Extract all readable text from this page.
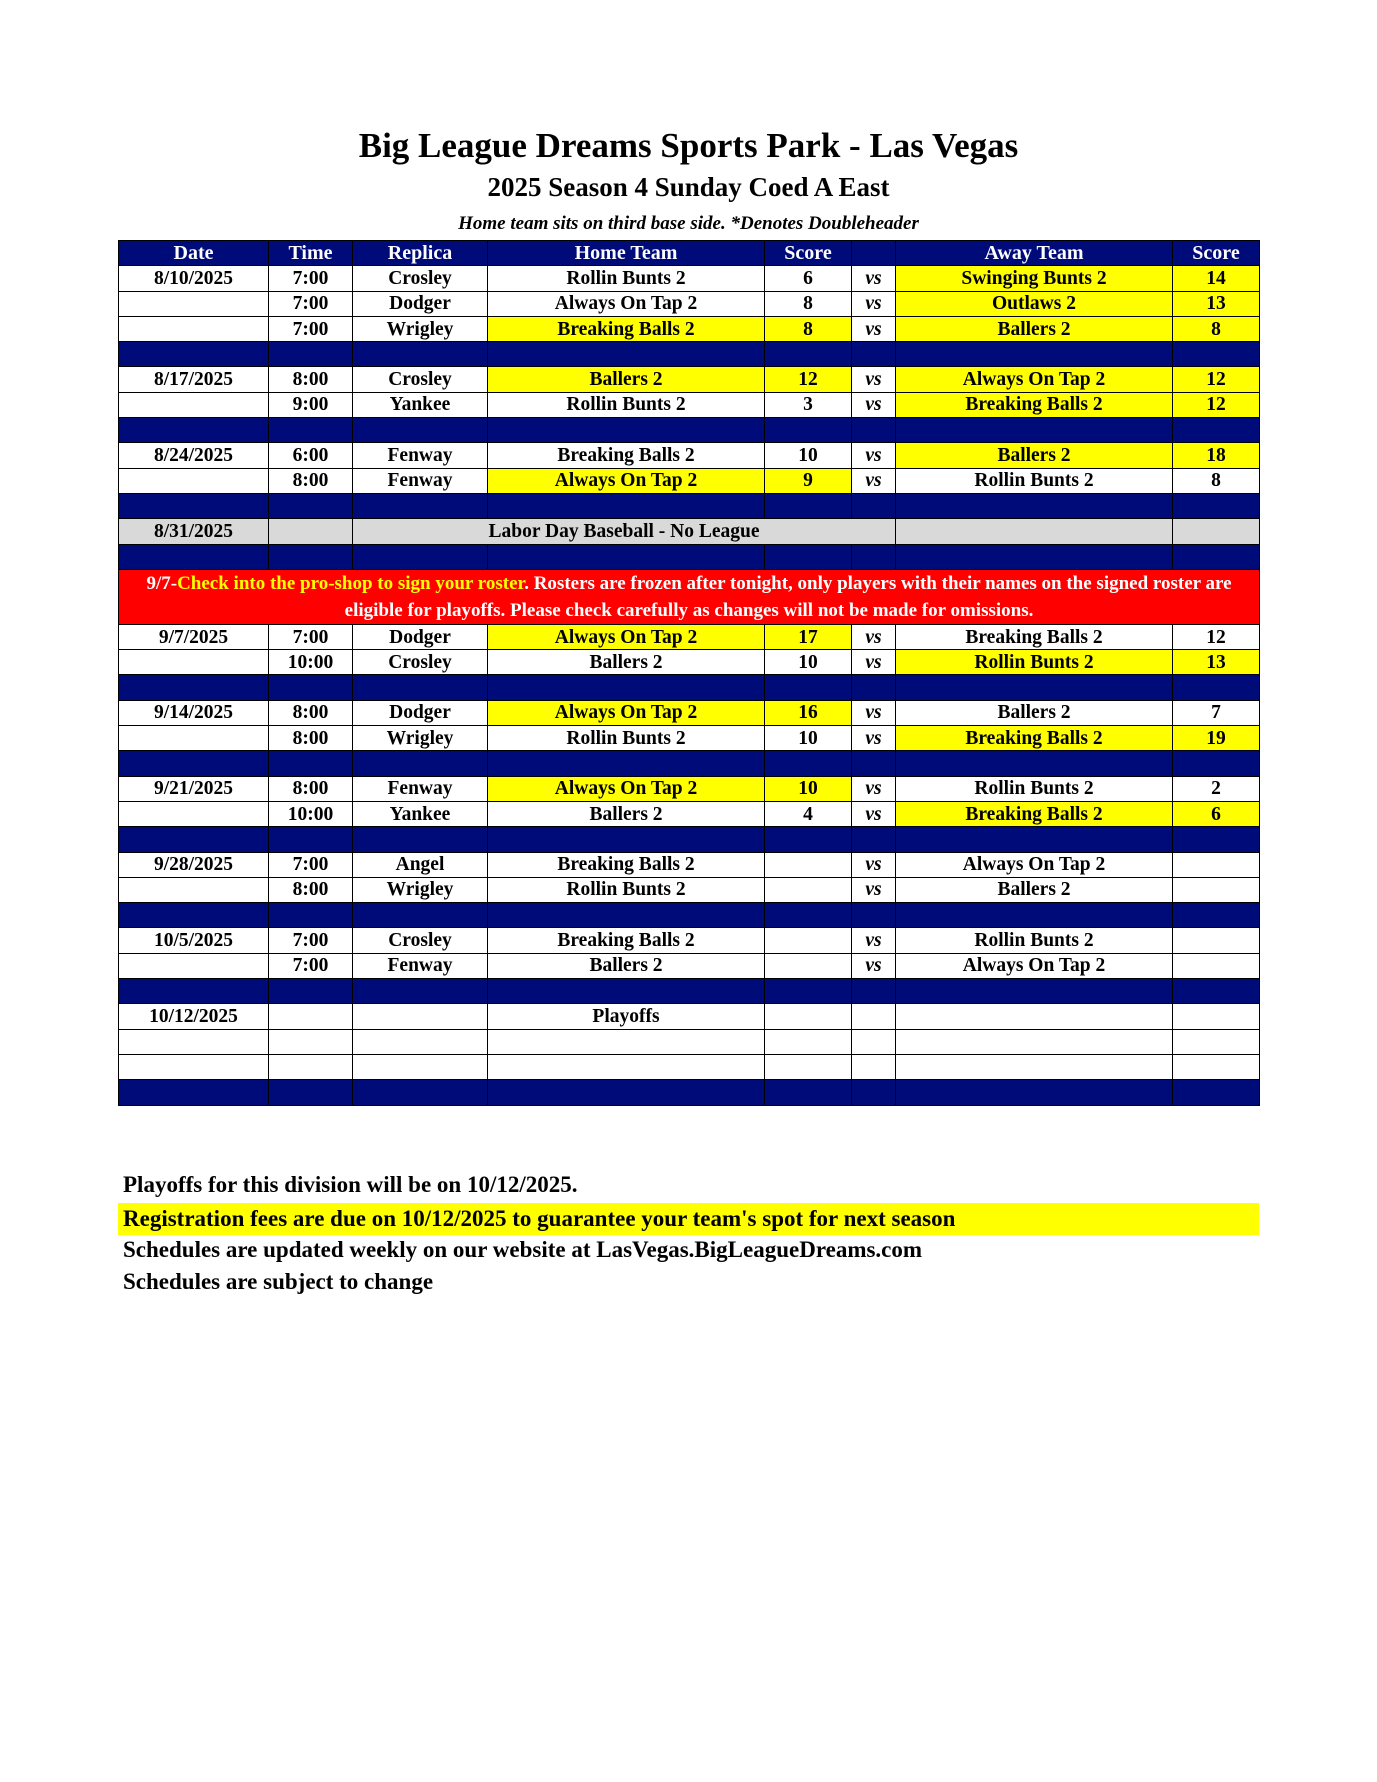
Big League Dreams Sports Park - Las Vegas
2025 Season 4 Sunday Coed A East
Home team sits on third base side. *Denotes Doubleheader
Date	Time	Replica	Home Team	Score		Away Team	Score	
8/10/2025	7:00	Crosley	Rollin Bunts 2	6	vs	Swinging Bunts 2	14	
	7:00	Dodger	Always On Tap 2	8	vs	Outlaws 2	13	
	7:00	Wrigley	Breaking Balls 2	8	vs	Ballers 2	8	

8/17/2025	8:00	Crosley	Ballers 2	12	vs	Always On Tap 2	12	
	9:00	Yankee	Rollin Bunts 2	3	vs	Breaking Balls 2	12	

8/24/2025	6:00	Fenway	Breaking Balls 2	10	vs	Ballers 2	18	
	8:00	Fenway	Always On Tap 2	9	vs	Rollin Bunts 2	8	

8/31/2025		Labor Day Baseball - No League						

9/7-Check into the pro-shop to sign your roster. Rosters are frozen after tonight, only players with their names on the signed roster are eligible for playoffs. Please check carefully as changes will not be made for omissions.								
9/7/2025	7:00	Dodger	Always On Tap 2	17	vs	Breaking Balls 2	12	
	10:00	Crosley	Ballers 2	10	vs	Rollin Bunts 2	13	

9/14/2025	8:00	Dodger	Always On Tap 2	16	vs	Ballers 2	7	
	8:00	Wrigley	Rollin Bunts 2	10	vs	Breaking Balls 2	19	

9/21/2025	8:00	Fenway	Always On Tap 2	10	vs	Rollin Bunts 2	2	
	10:00	Yankee	Ballers 2	4	vs	Breaking Balls 2	6	

9/28/2025	7:00	Angel	Breaking Balls 2		vs	Always On Tap 2		
	8:00	Wrigley	Rollin Bunts 2		vs	Ballers 2		

10/5/2025	7:00	Crosley	Breaking Balls 2		vs	Rollin Bunts 2		
	7:00	Fenway	Ballers 2		vs	Always On Tap 2		

10/12/2025			Playoffs					

Playoffs for this division will be on 10/12/2025.
Registration fees are due on 10/12/2025 to guarantee your team's spot for next season
Schedules are updated weekly on our website at LasVegas.BigLeagueDreams.com
Schedules are subject to change
